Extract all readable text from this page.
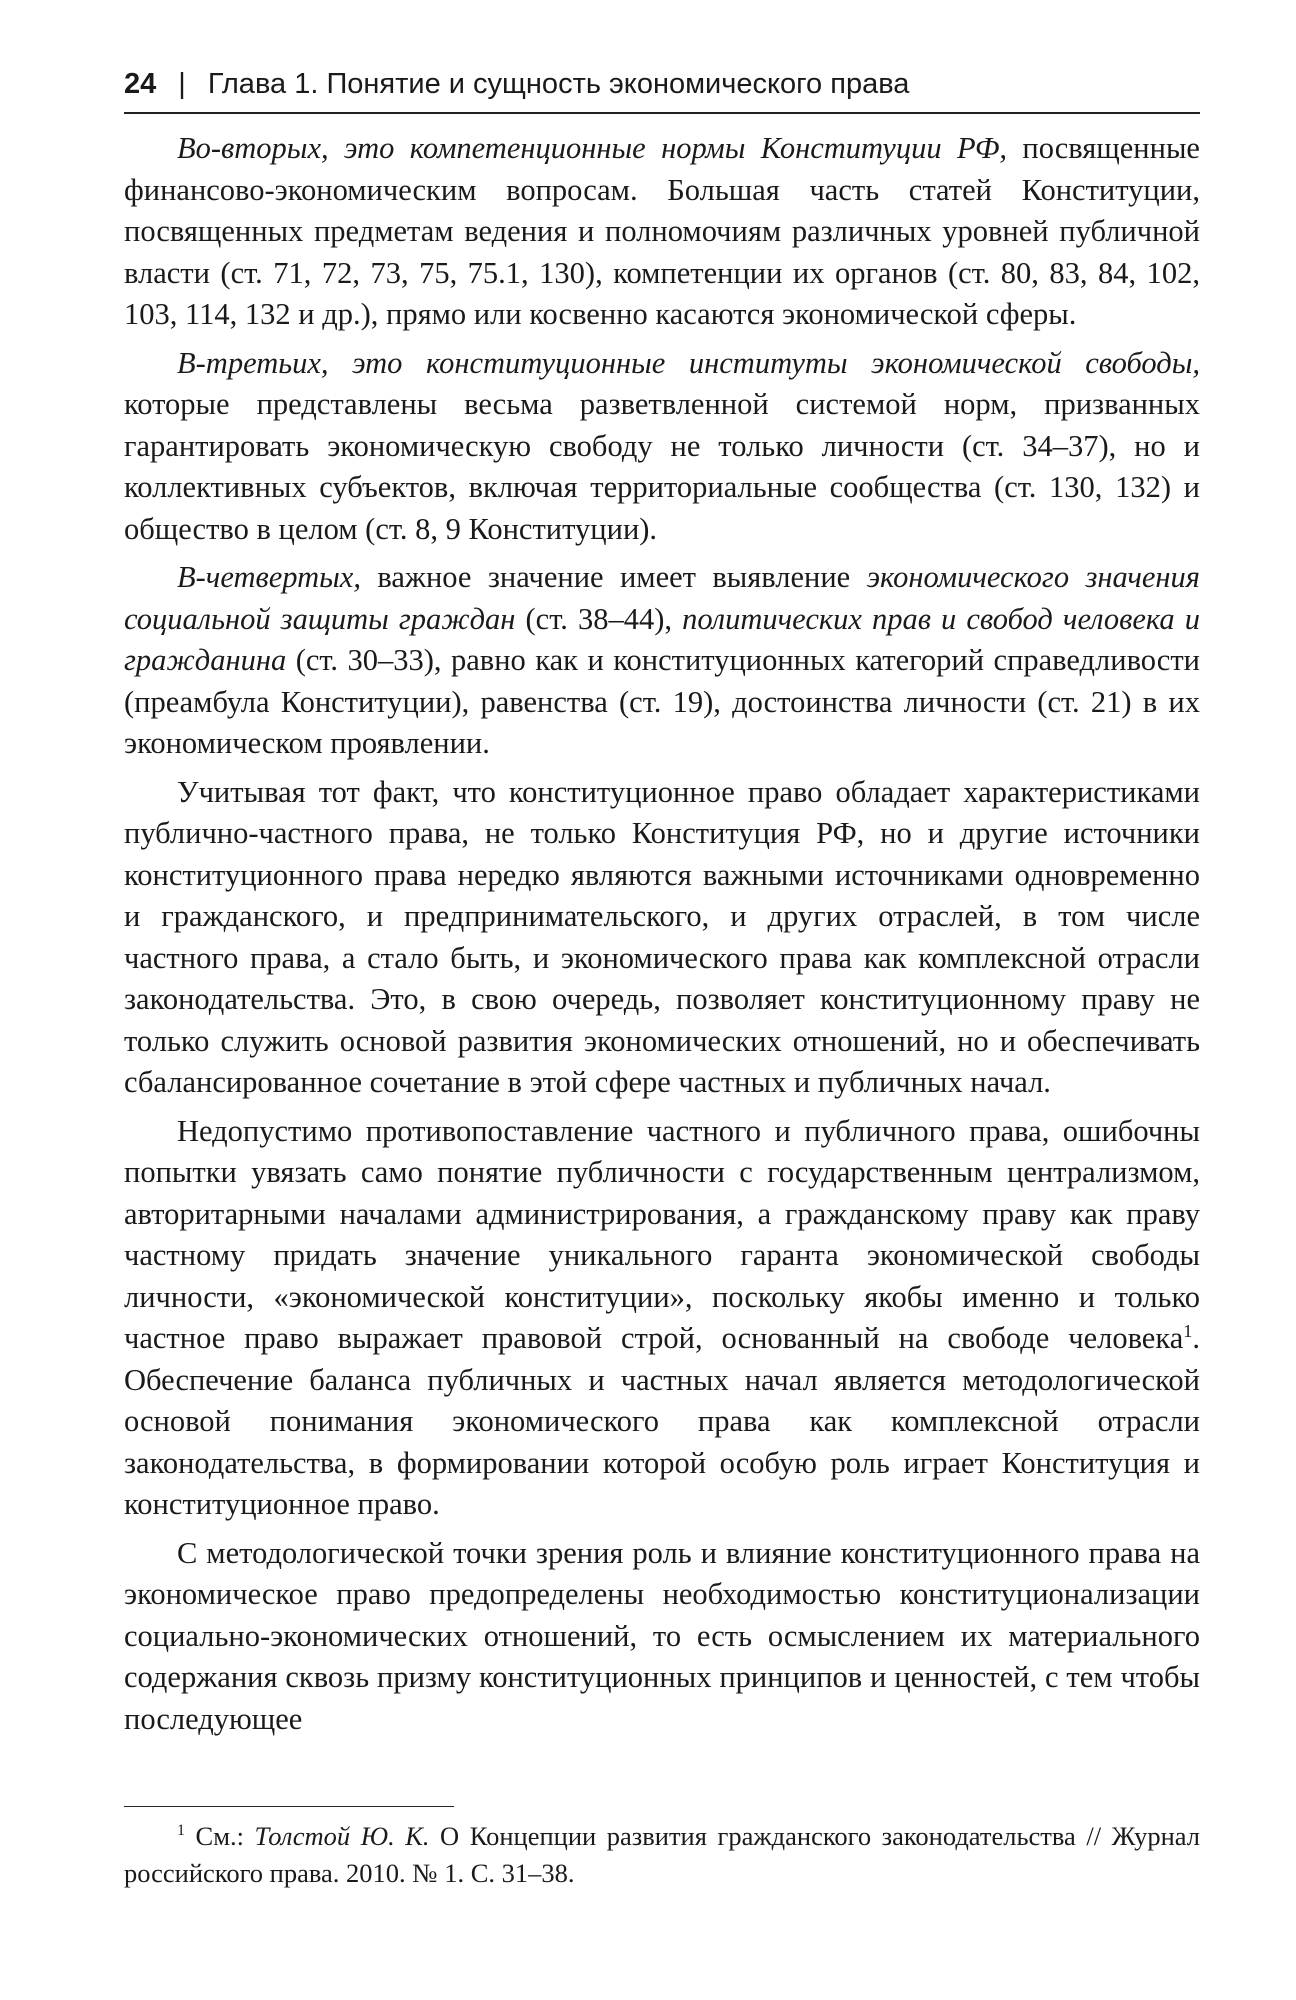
24 | Глава 1. Понятие и сущность экономического права

Во-вторых, это компетенционные нормы Конституции РФ, посвященные финансово-экономическим вопросам. Большая часть статей Конституции, посвященных предметам ведения и полномочиям различных уровней публичной власти (ст. 71, 72, 73, 75, 75.1, 130), компетенции их органов (ст. 80, 83, 84, 102, 103, 114, 132 и др.), прямо или косвенно касаются экономической сферы.

В-третьих, это конституционные институты экономической свободы, которые представлены весьма разветвленной системой норм, призванных гарантировать экономическую свободу не только личности (ст. 34–37), но и коллективных субъектов, включая территориальные сообщества (ст. 130, 132) и общество в целом (ст. 8, 9 Конституции).

В-четвертых, важное значение имеет выявление экономического значения социальной защиты граждан (ст. 38–44), политических прав и свобод человека и гражданина (ст. 30–33), равно как и конституционных категорий справедливости (преамбула Конституции), равенства (ст. 19), достоинства личности (ст. 21) в их экономическом проявлении.

Учитывая тот факт, что конституционное право обладает характеристиками публично-частного права, не только Конституция РФ, но и другие источники конституционного права нередко являются важными источниками одновременно и гражданского, и предпринимательского, и других отраслей, в том числе частного права, а стало быть, и экономического права как комплексной отрасли законодательства. Это, в свою очередь, позволяет конституционному праву не только служить основой развития экономических отношений, но и обеспечивать сбалансированное сочетание в этой сфере частных и публичных начал.

Недопустимо противопоставление частного и публичного права, ошибочны попытки увязать само понятие публичности с государственным централизмом, авторитарными началами администрирования, а гражданскому праву как праву частному придать значение уникального гаранта экономической свободы личности, «экономической конституции», поскольку якобы именно и только частное право выражает правовой строй, основанный на свободе человека$^1$. Обеспечение баланса публичных и частных начал является методологической основой понимания экономического права как комплексной отрасли законодательства, в формировании которой особую роль играет Конституция и конституционное право.

С методологической точки зрения роль и влияние конституционного права на экономическое право предопределены необходимостью конституционализации социально-экономических отношений, то есть осмыслением их материального содержания сквозь призму конституционных принципов и ценностей, с тем чтобы последующее

$^1$ См.: Толстой Ю. К. О Концепции развития гражданского законодательства // Журнал российского права. 2010. № 1. С. 31–38.
